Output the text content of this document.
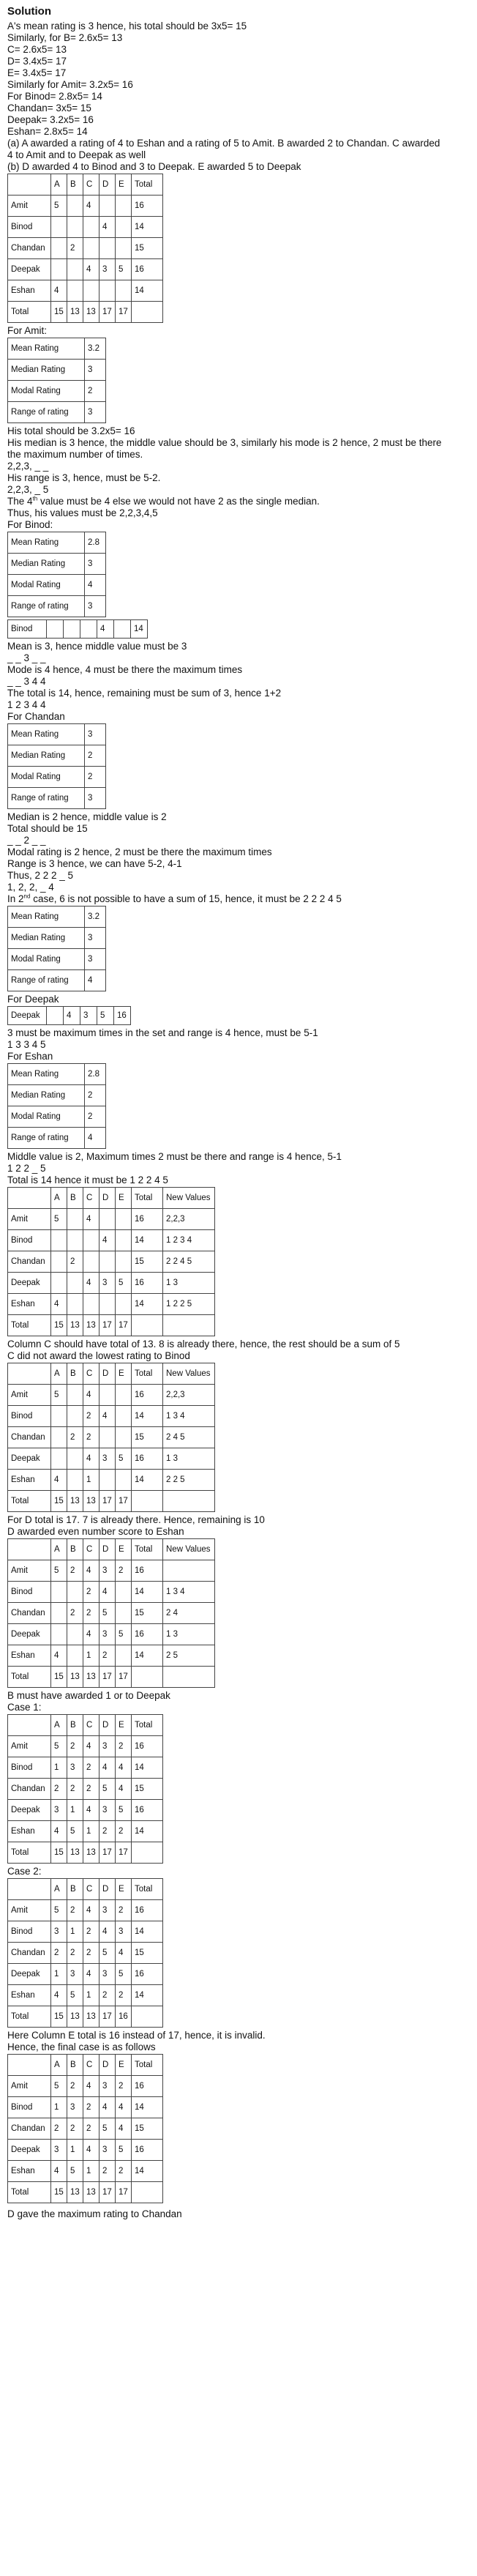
Solution

A's mean rating is 3 hence, his total should be 3x5= 15

Similarly, for B= 2.6x5= 13

C= 2.6x5= 13

D= 3.4x5= 17

E= 3.4x5= 17

Similarly for Amit= 3.2x5= 16

For Binod= 2.8x5= 14

Chandan= 3x5= 15

Deepak= 3.2x5= 16

Eshan= 2.8x5= 14

(a) A awarded a rating of 4 to Eshan and a rating of 5 to Amit. B awarded 2 to Chandan. C awarded 4 to Amit and to Deepak as well

(b) D awarded 4 to Binod and 3 to Deepak. E awarded 5 to Deepak

	A	B	C	D	E	Total
Amit	5		4			16
Binod				4		14
Chandan		2				15
Deepak			4	3	5	16
Eshan	4					14
Total	15	13	13	17	17	

For Amit:

Mean Rating	3.2
Median Rating	3
Modal Rating	2
Range of rating	3

His total should be 3.2x5= 16

His median is 3 hence, the middle value should be 3, similarly his mode is 2 hence, 2 must be there the maximum number of times.

2,2,3, _ _

His range is 3, hence, must be 5-2.

2,2,3, _ 5

The 4th value must be 4 else we would not have 2 as the single median.

Thus, his values must be 2,2,3,4,5

For Binod:

Mean Rating	2.8
Median Rating	3
Modal Rating	4
Range of rating	3
Binod				4		14

Mean is 3, hence middle value must be 3

_ _ 3 _ _

Mode is 4 hence, 4 must be there the maximum times

_ _ 3 4 4

The total is 14, hence, remaining must be sum of 3, hence 1+2

1 2 3 4 4

For Chandan

Mean Rating	3
Median Rating	2
Modal Rating	2
Range of rating	3

Median is 2 hence, middle value is 2

Total should be 15

_ _ 2 _ _

Modal rating is 2 hence, 2 must be there the maximum times

Range is 3 hence, we can have 5-2, 4-1

Thus, 2 2 2 _ 5

1, 2, 2, _ 4

In 2nd case, 6 is not possible to have a sum of 15, hence, it must be 2 2 2 4 5

Mean Rating	3.2
Median Rating	3
Modal Rating	3
Range of rating	4

For Deepak

Deepak		4	3	5	16

3 must be maximum times in the set and range is 4 hence, must be 5-1

1 3 3 4 5

For Eshan

Mean Rating	2.8
Median Rating	2
Modal Rating	2
Range of rating	4

Middle value is 2, Maximum times 2 must be there and range is 4 hence, 5-1

1 2 2 _ 5

Total is 14 hence it must be 1 2 2 4 5

	A	B	C	D	E	Total	New Values
Amit	5		4			16	2,2,3
Binod				4		14	1 2 3 4
Chandan		2				15	2 2 4 5
Deepak			4	3	5	16	1 3
Eshan	4					14	1 2 2 5
Total	15	13	13	17	17		

Column C should have total of 13. 8 is already there, hence, the rest should be a sum of 5

C did not award the lowest rating to Binod

	A	B	C	D	E	Total	New Values
Amit	5		4			16	2,2,3
Binod			2	4		14	1 3 4
Chandan		2	2			15	2 4 5
Deepak			4	3	5	16	1 3
Eshan	4		1			14	2 2 5
Total	15	13	13	17	17		

For D total is 17. 7 is already there. Hence, remaining is 10

D awarded even number score to Eshan

	A	B	C	D	E	Total	New Values
Amit	5	2	4	3	2	16	
Binod			2	4		14	1 3 4
Chandan		2	2	5		15	2 4
Deepak			4	3	5	16	1 3
Eshan	4		1	2		14	2 5
Total	15	13	13	17	17		

B must have awarded 1 or to Deepak

Case 1:

	A	B	C	D	E	Total
Amit	5	2	4	3	2	16
Binod	1	3	2	4	4	14
Chandan	2	2	2	5	4	15
Deepak	3	1	4	3	5	16
Eshan	4	5	1	2	2	14
Total	15	13	13	17	17	

Case 2:

	A	B	C	D	E	Total
Amit	5	2	4	3	2	16
Binod	3	1	2	4	3	14
Chandan	2	2	2	5	4	15
Deepak	1	3	4	3	5	16
Eshan	4	5	1	2	2	14
Total	15	13	13	17	16	

Here Column E total is 16 instead of 17, hence, it is invalid.

Hence, the final case is as follows

	A	B	C	D	E	Total
Amit	5	2	4	3	2	16
Binod	1	3	2	4	4	14
Chandan	2	2	2	5	4	15
Deepak	3	1	4	3	5	16
Eshan	4	5	1	2	2	14
Total	15	13	13	17	17	

D gave the maximum rating to Chandan
